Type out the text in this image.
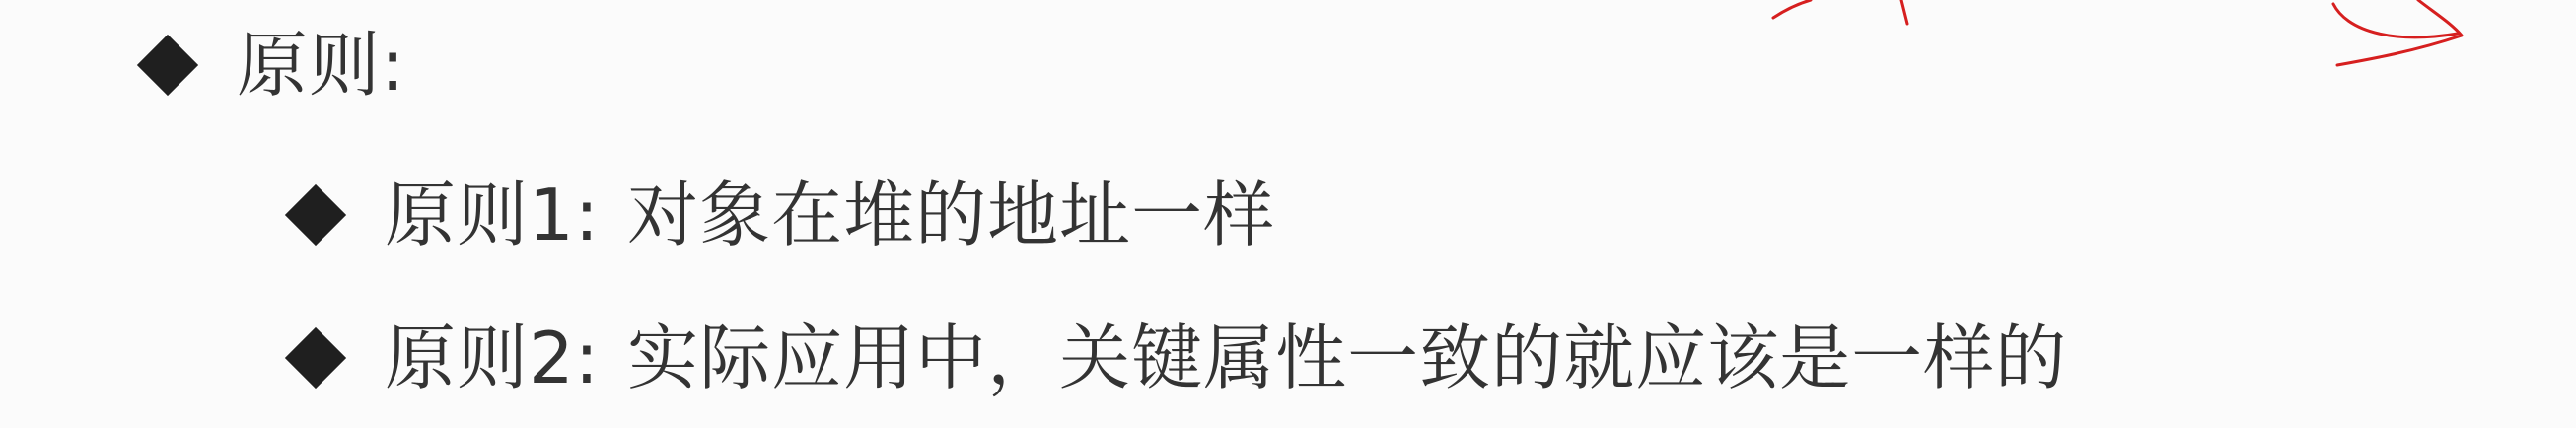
原则:
原则1: 对象在堆的地址一样
原则2: 实际应用中，关键属性一致的就应该是一样的
